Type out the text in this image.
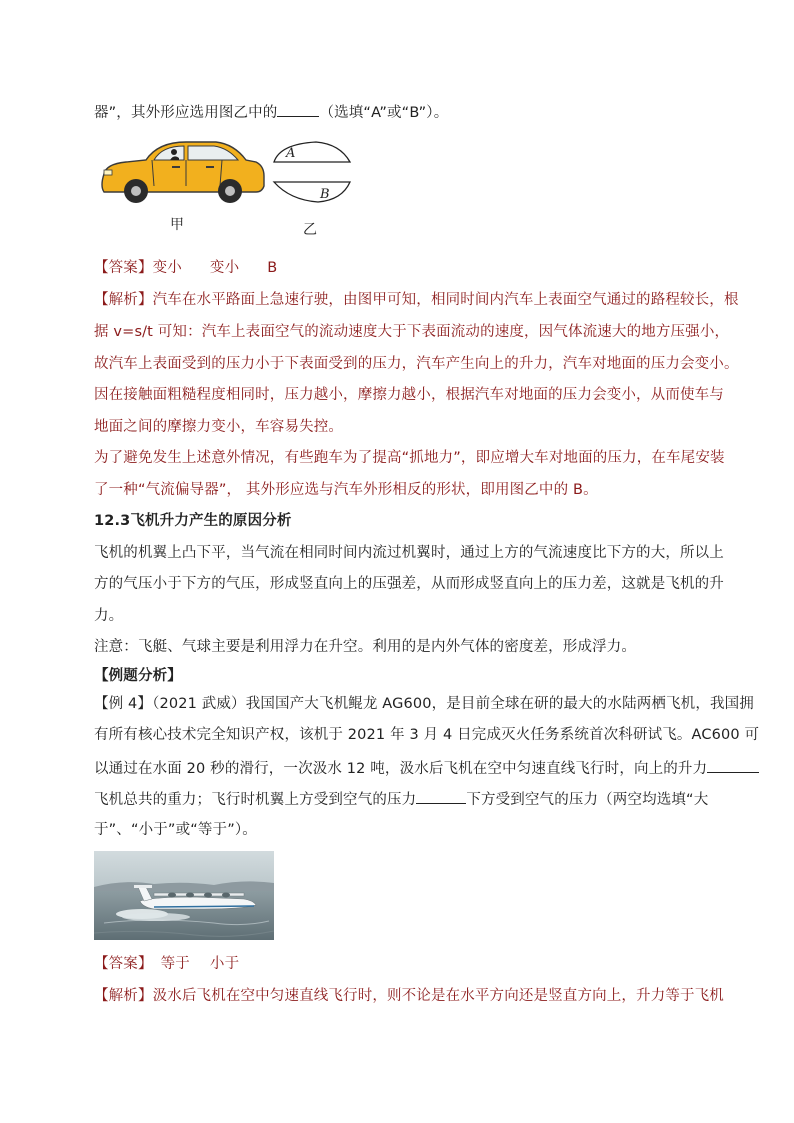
器”，其外形应选用图乙中的	（选填“A”或“B”）。
A
B
甲	乙
【答案】变小 变小 B
【解析】汽车在水平路面上急速行驶，由图甲可知，相同时间内汽车上表面空气通过的路程较长，根
据 v=s/t 可知：汽车上表面空气的流动速度大于下表面流动的速度，因气体流速大的地方压强小，
故汽车上表面受到的压力小于下表面受到的压力，汽车产生向上的升力，汽车对地面的压力会变小。
因在接触面粗糙程度相同时，压力越小，摩擦力越小，根据汽车对地面的压力会变小，从而使车与
地面之间的摩擦力变小，车容易失控。
为了避免发生上述意外情况，有些跑车为了提高“抓地力”，即应增大车对地面的压力，在车尾安装
了一种“气流偏导器”， 其外形应选与汽车外形相反的形状，即用图乙中的 B。
12.3飞机升力产生的原因分析
飞机的机翼上凸下平，当气流在相同时间内流过机翼时，通过上方的气流速度比下方的大，所以上
方的气压小于下方的气压，形成竖直向上的压强差，从而形成竖直向上的压力差，这就是飞机的升
力。
注意：飞艇、气球主要是利用浮力在升空。利用的是内外气体的密度差，形成浮力。
【例题分析】
【例 4】（2021 武威）我国国产大飞机鲲龙 AG600，是目前全球在研的最大的水陆两栖飞机，我国拥
有所有核心技术完全知识产权，该机于 2021 年 3 月 4 日完成灭火任务系统首次科研试飞。AC600 可
以通过在水面 20 秒的滑行，一次汲水 12 吨，汲水后飞机在空中匀速直线飞行时，向上的升力
飞机总共的重力；飞行时机翼上方受到空气的压力	下方受到空气的压力（两空均选填“大
于”、“小于”或“等于”）。
【答案】 等于 小于
【解析】汲水后飞机在空中匀速直线飞行时，则不论是在水平方向还是竖直方向上，升力等于飞机
